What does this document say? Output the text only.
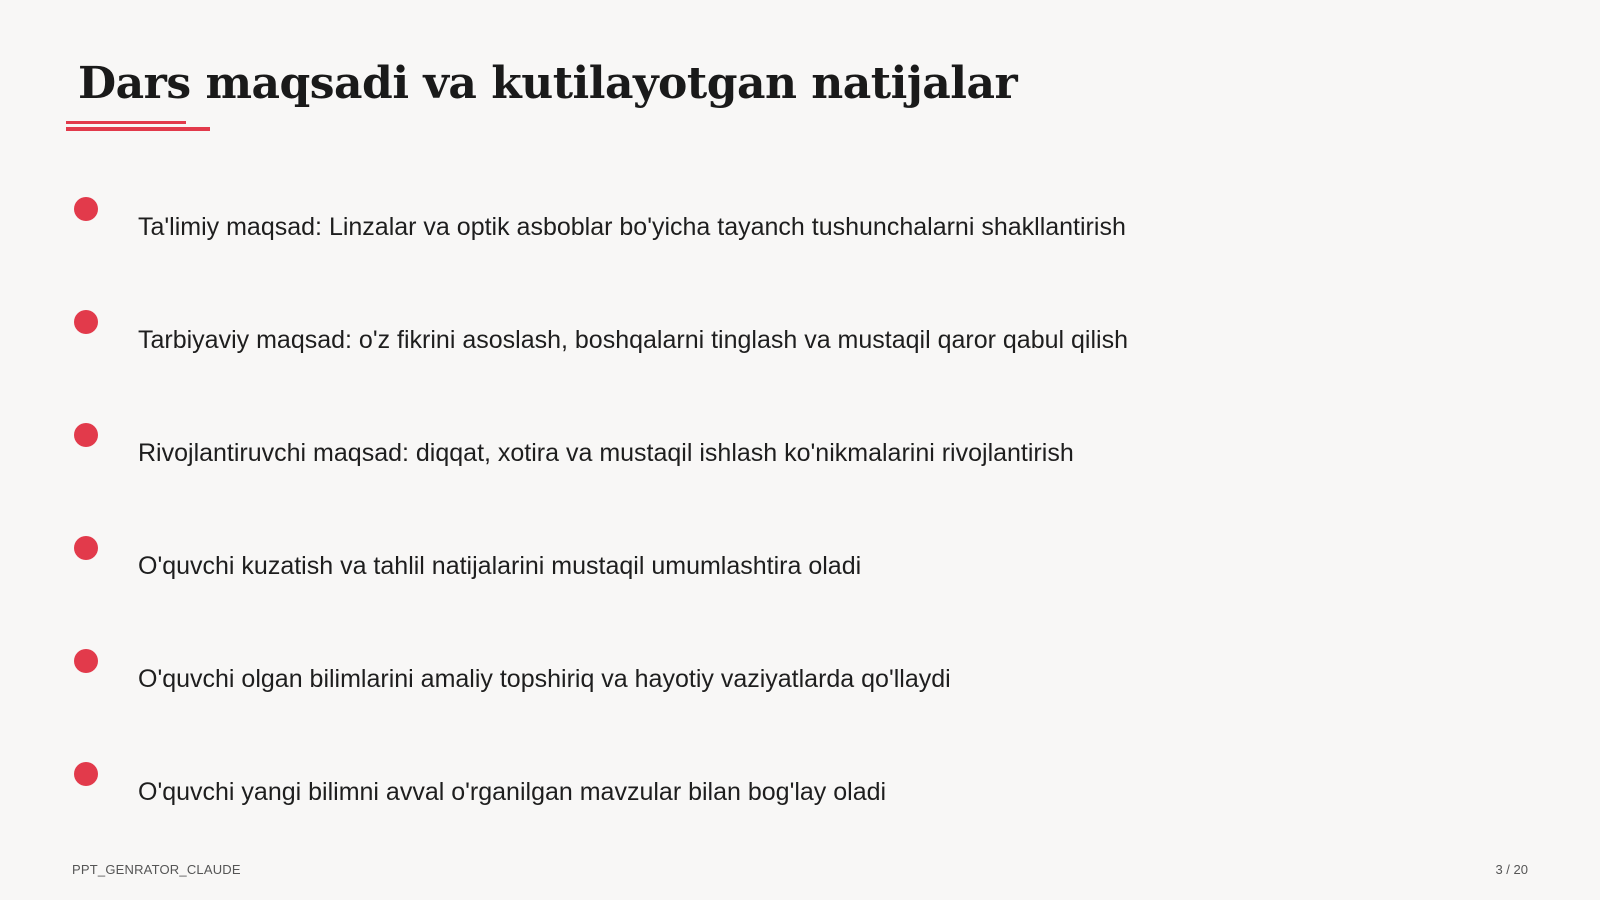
Dars maqsadi va kutilayotgan natijalar
Ta'limiy maqsad: Linzalar va optik asboblar bo'yicha tayanch tushunchalarni shakllantirish
Tarbiyaviy maqsad: o'z fikrini asoslash, boshqalarni tinglash va mustaqil qaror qabul qilish
Rivojlantiruvchi maqsad: diqqat, xotira va mustaqil ishlash ko'nikmalarini rivojlantirish
O'quvchi kuzatish va tahlil natijalarini mustaqil umumlashtira oladi
O'quvchi olgan bilimlarini amaliy topshiriq va hayotiy vaziyatlarda qo'llaydi
O'quvchi yangi bilimni avval o'rganilgan mavzular bilan bog'lay oladi
PPT_GENRATOR_CLAUDE	3 / 20
